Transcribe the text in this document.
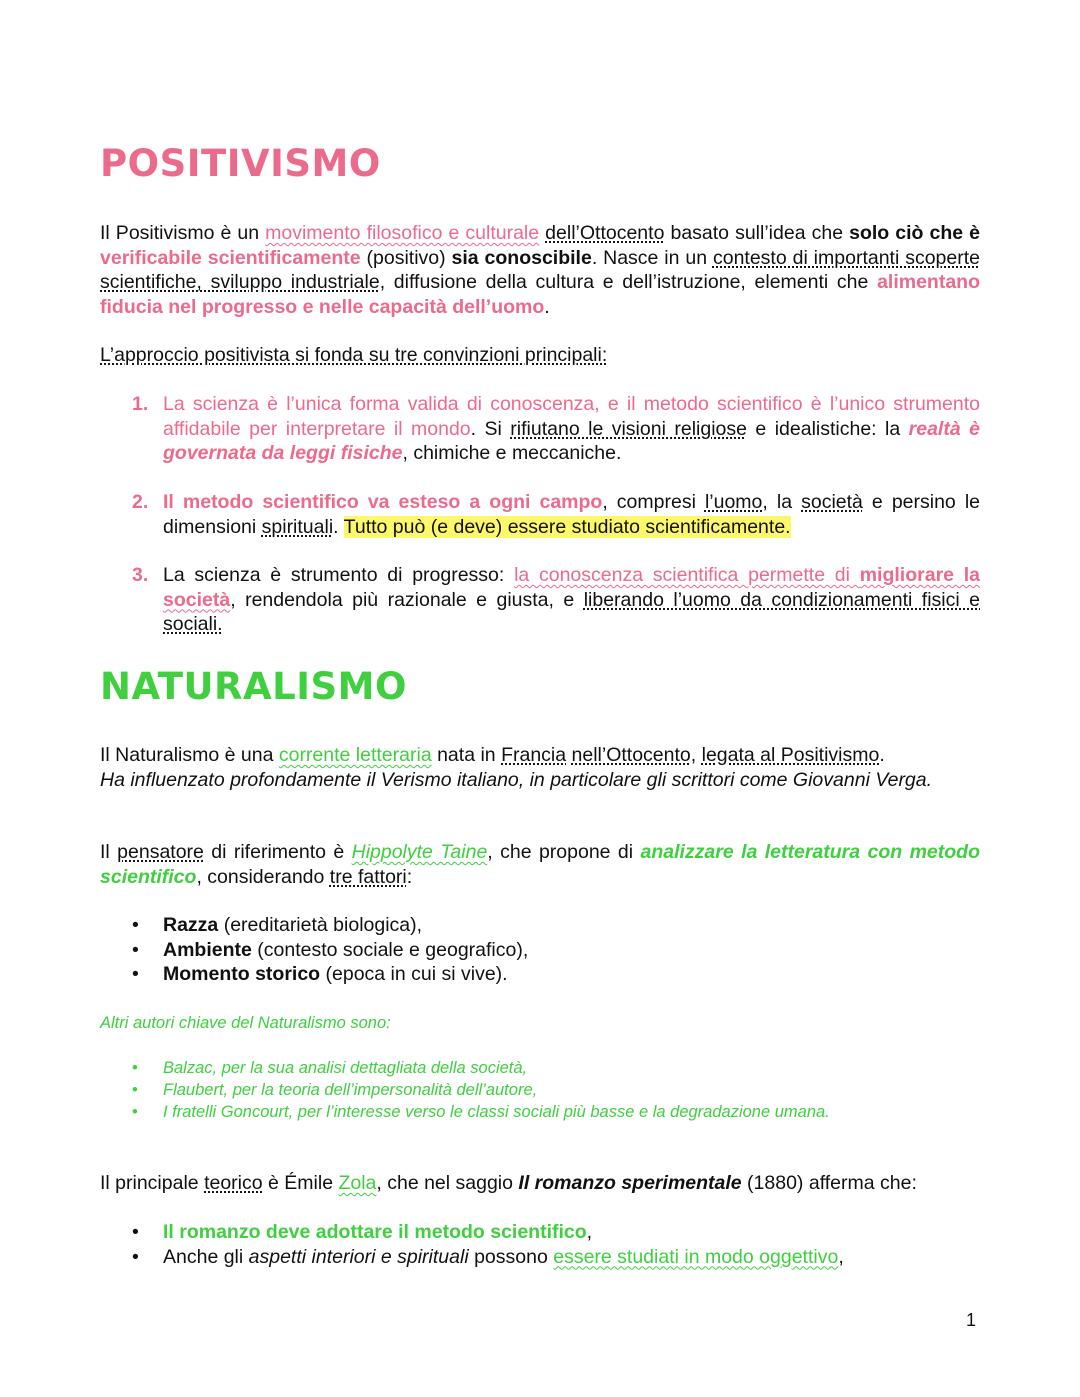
POSITIVISMO

Il Positivismo è un movimento filosofico e culturale dell’Ottocento basato sull’idea che solo ciò che è verificabile scientificamente (positivo) sia conoscibile. Nasce in un contesto di importanti scoperte scientifiche, sviluppo industriale, diffusione della cultura e dell’istruzione, elementi che alimentano fiducia nel progresso e nelle capacità dell’uomo.

L’approccio positivista si fonda su tre convinzioni principali:

1. La scienza è l’unica forma valida di conoscenza, e il metodo scientifico è l’unico strumento affidabile per interpretare il mondo. Si rifiutano le visioni religiose e idealistiche: la realtà è governata da leggi fisiche, chimiche e meccaniche.
2. Il metodo scientifico va esteso a ogni campo, compresi l’uomo, la società e persino le dimensioni spirituali. Tutto può (e deve) essere studiato scientificamente.
3. La scienza è strumento di progresso: la conoscenza scientifica permette di migliorare la società, rendendola più razionale e giusta, e liberando l’uomo da condizionamenti fisici e sociali.
NATURALISMO

Il Naturalismo è una corrente letteraria nata in Francia nell’Ottocento, legata al Positivismo.
Ha influenzato profondamente il Verismo italiano, in particolare gli scrittori come Giovanni Verga.

Il pensatore di riferimento è Hippolyte Taine, che propone di analizzare la letteratura con metodo scientifico, considerando tre fattori:

• Razza (ereditarietà biologica),
• Ambiente (contesto sociale e geografico),
• Momento storico (epoca in cui si vive).

Altri autori chiave del Naturalismo sono:

• Balzac, per la sua analisi dettagliata della società,
• Flaubert, per la teoria dell’impersonalità dell’autore,
• I fratelli Goncourt, per l’interesse verso le classi sociali più basse e la degradazione umana.

Il principale teorico è Émile Zola, che nel saggio Il romanzo sperimentale (1880) afferma che:

• Il romanzo deve adottare il metodo scientifico,
• Anche gli aspetti interiori e spirituali possono essere studiati in modo oggettivo,
1
